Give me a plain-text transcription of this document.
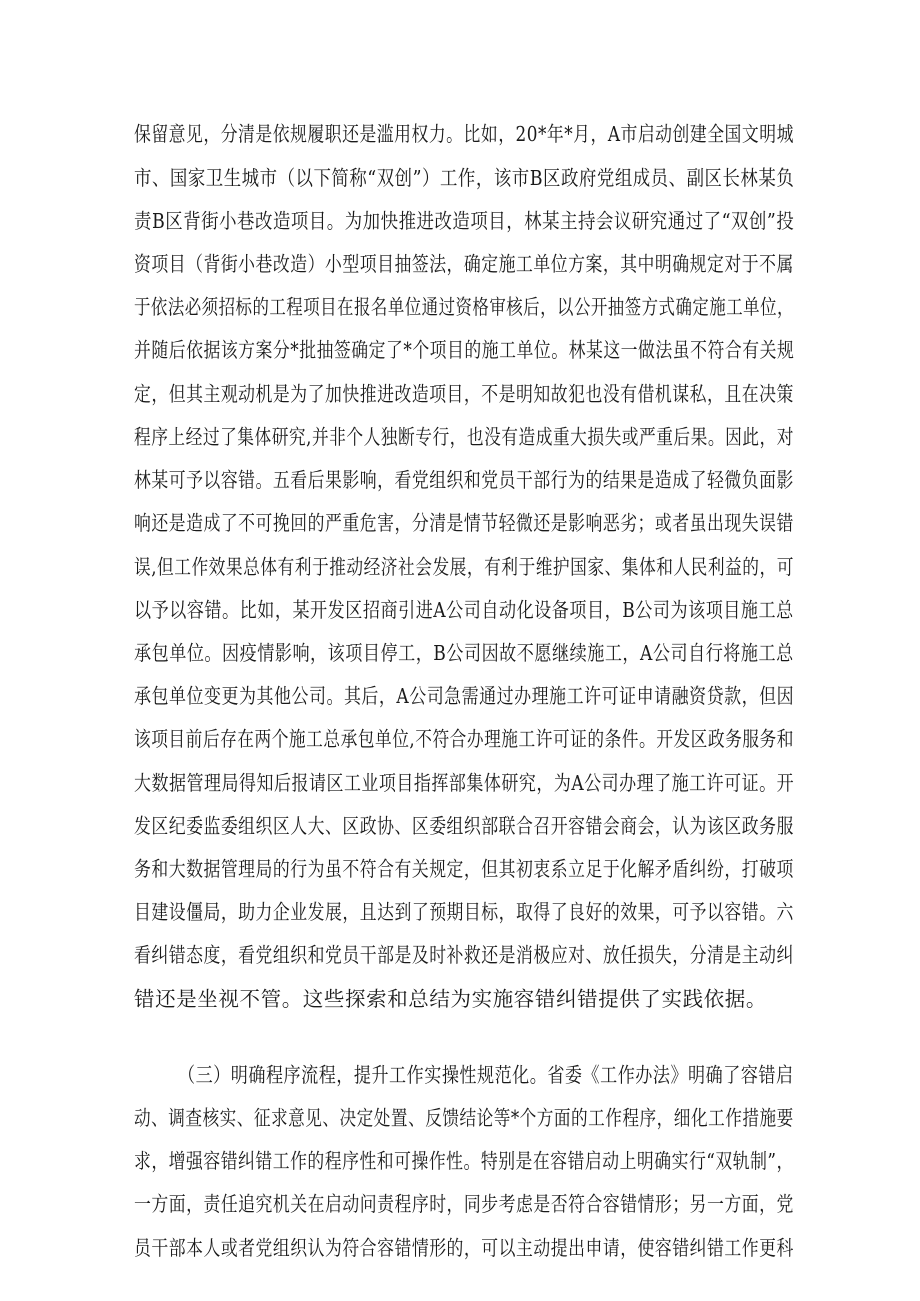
保留意见，分清是依规履职还是滥用权力。比如，20*年*月，A市启动创建全国文明城
市、国家卫生城市（以下简称“双创”）工作，该市B区政府党组成员、副区长林某负
责B区背街小巷改造项目。为加快推进改造项目，林某主持会议研究通过了“双创”投
资项目（背街小巷改造）小型项目抽签法，确定施工单位方案，其中明确规定对于不属
于依法必须招标的工程项目在报名单位通过资格审核后，以公开抽签方式确定施工单位，
并随后依据该方案分*批抽签确定了*个项目的施工单位。林某这一做法虽不符合有关规
定，但其主观动机是为了加快推进改造项目，不是明知故犯也没有借机谋私，且在决策
程序上经过了集体研究,并非个人独断专行，也没有造成重大损失或严重后果。因此，对
林某可予以容错。五看后果影响，看党组织和党员干部行为的结果是造成了轻微负面影
响还是造成了不可挽回的严重危害，分清是情节轻微还是影响恶劣；或者虽出现失误错
误,但工作效果总体有利于推动经济社会发展，有利于维护国家、集体和人民利益的，可
以予以容错。比如，某开发区招商引进A公司自动化设备项目，B公司为该项目施工总
承包单位。因疫情影响，该项目停工，B公司因故不愿继续施工，A公司自行将施工总
承包单位变更为其他公司。其后，A公司急需通过办理施工许可证申请融资贷款，但因
该项目前后存在两个施工总承包单位,不符合办理施工许可证的条件。开发区政务服务和
大数据管理局得知后报请区工业项目指挥部集体研究，为A公司办理了施工许可证。开
发区纪委监委组织区人大、区政协、区委组织部联合召开容错会商会，认为该区政务服
务和大数据管理局的行为虽不符合有关规定，但其初衷系立足于化解矛盾纠纷，打破项
目建设僵局，助力企业发展，且达到了预期目标，取得了良好的效果，可予以容错。六
看纠错态度，看党组织和党员干部是及时补救还是消极应对、放任损失，分清是主动纠
错还是坐视不管。这些探索和总结为实施容错纠错提供了实践依据。
（三）明确程序流程，提升工作实操性规范化。省委《工作办法》明确了容错启
动、调查核实、征求意见、决定处置、反馈结论等*个方面的工作程序，细化工作措施要
求，增强容错纠错工作的程序性和可操作性。特别是在容错启动上明确实行“双轨制”，
一方面，责任追究机关在启动问责程序时，同步考虑是否符合容错情形；另一方面，党
员干部本人或者党组织认为符合容错情形的，可以主动提出申请，使容错纠错工作更科
